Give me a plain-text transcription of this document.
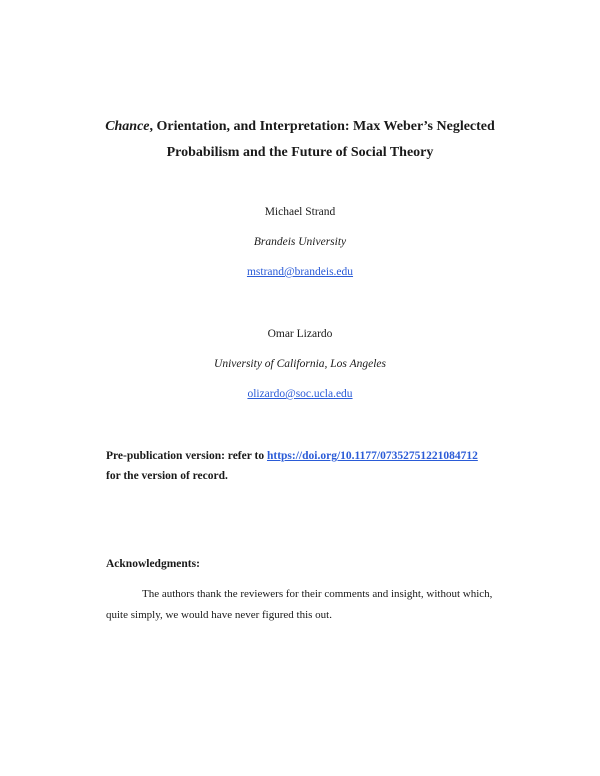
Chance, Orientation, and Interpretation: Max Weber’s Neglected
Probabilism and the Future of Social Theory

Michael Strand

Brandeis University

mstrand@brandeis.edu

Omar Lizardo

University of California, Los Angeles

olizardo@soc.ucla.edu

Pre-publication version: refer to https://doi.org/10.1177/07352751221084712
for the version of record.

Acknowledgments:

The authors thank the reviewers for their comments and insight, without which, quite simply, we would have never figured this out.
